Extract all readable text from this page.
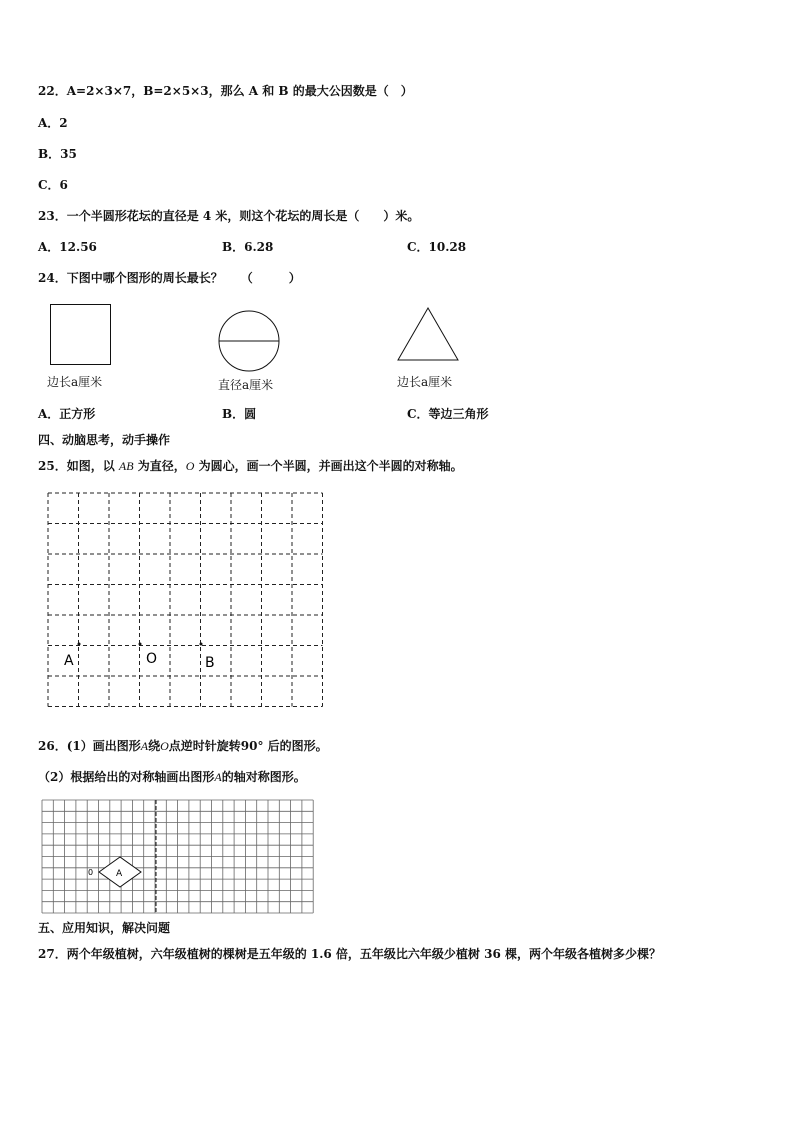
22．A=2×3×7，B=2×5×3，那么 A 和 B 的最大公因数是（　）
A．2
B．35
C．6
23．一个半圆形花坛的直径是 4 米，则这个花坛的周长是（　　）米。
A．12.56	B．6.28	C．10.28
24．下图中哪个图形的周长最长？　　（　　　）
边长a厘米	直径a厘米	边长a厘米
A．正方形	B．圆	C．等边三角形
四、动脑思考，动手操作
25．如图，以 AB 为直径，O 为圆心，画一个半圆，并画出这个半圆的对称轴。
A	O	B
26．(1）画出图形A绕O点逆时针旋转90° 后的图形。
（2）根据给出的对称轴画出图形A的轴对称图形。
A
0
五、应用知识，解决问题
27．两个年级植树，六年级植树的棵树是五年级的 1.6 倍，五年级比六年级少植树 36 棵，两个年级各植树多少棵？
